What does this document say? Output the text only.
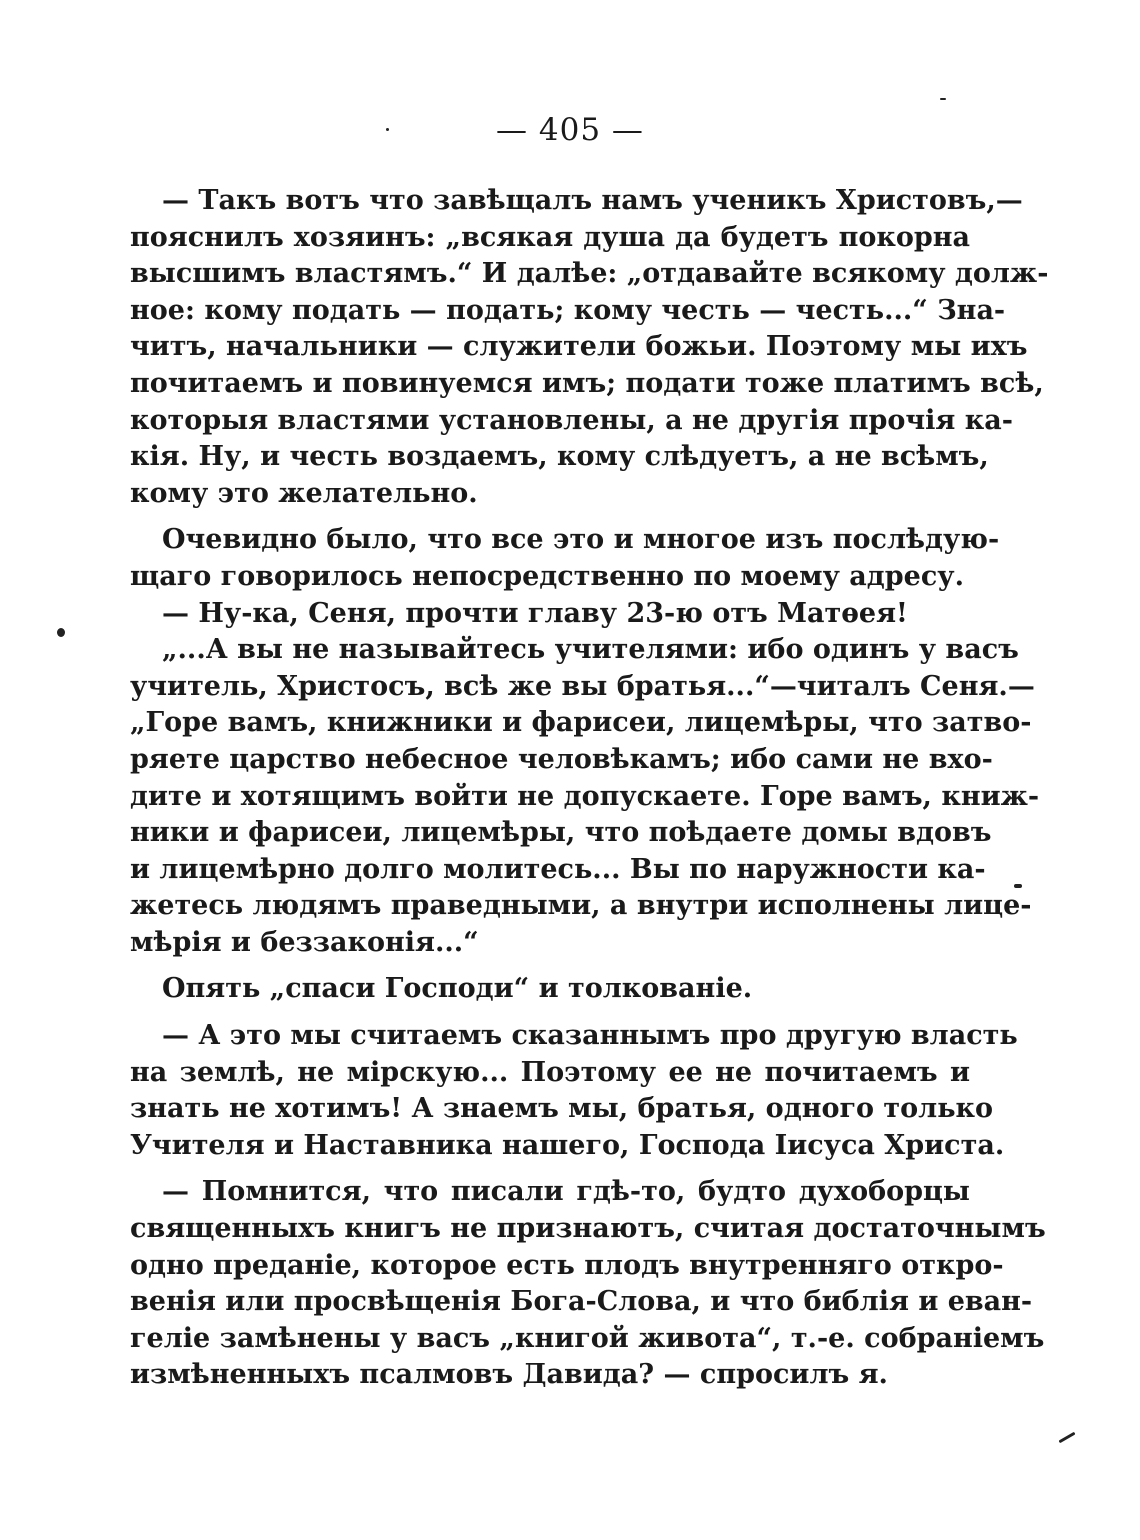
— 405 —
— Такъ вотъ что завѣщалъ намъ ученикъ Христовъ,—
пояснилъ хозяинъ: „всякая душа да будетъ покорна
высшимъ властямъ.“ И далѣе: „отдавайте всякому долж-
ное: кому подать — подать; кому честь — честь...“ Зна-
читъ, начальники — служители божьи. Поэтому мы ихъ
почитаемъ и повинуемся имъ; подати тоже платимъ всѣ,
которыя властями установлены, а не другія прочія ка-
кія. Ну, и честь воздаемъ, кому слѣдуетъ, а не всѣмъ,
кому это желательно.
Очевидно было, что все это и многое изъ послѣдую-
щаго говорилось непосредственно по моему адресу.
— Ну-ка, Сеня, прочти главу 23-ю отъ Матѳея!
„...А вы не называйтесь учителями: ибо одинъ у васъ
учитель, Христосъ, всѣ же вы братья...“—читалъ Сеня.—
„Горе вамъ, книжники и фарисеи, лицемѣры, что затво-
ряете царство небесное человѣкамъ; ибо сами не вхо-
дите и хотящимъ войти не допускаете. Горе вамъ, книж-
ники и фарисеи, лицемѣры, что поѣдаете домы вдовъ
и лицемѣрно долго молитесь... Вы по наружности ка-
жетесь людямъ праведными, а внутри исполнены лице-
мѣрія и беззаконія...“
Опять „спаси Господи“ и толкованіе.
— А это мы считаемъ сказаннымъ про другую власть
на землѣ, не мірскую... Поэтому ее не почитаемъ и
знать не хотимъ! А знаемъ мы, братья, одного только
Учителя и Наставника нашего, Господа Іисуса Христа.
— Помнится, что писали гдѣ-то, будто духоборцы
священныхъ книгъ не признаютъ, считая достаточнымъ
одно преданіе, которое есть плодъ внутренняго откро-
венія или просвѣщенія Бога-Слова, и что библія и еван-
геліе замѣнены у васъ „книгой живота“, т.-е. собраніемъ
измѣненныхъ псалмовъ Давида? — спросилъ я.
